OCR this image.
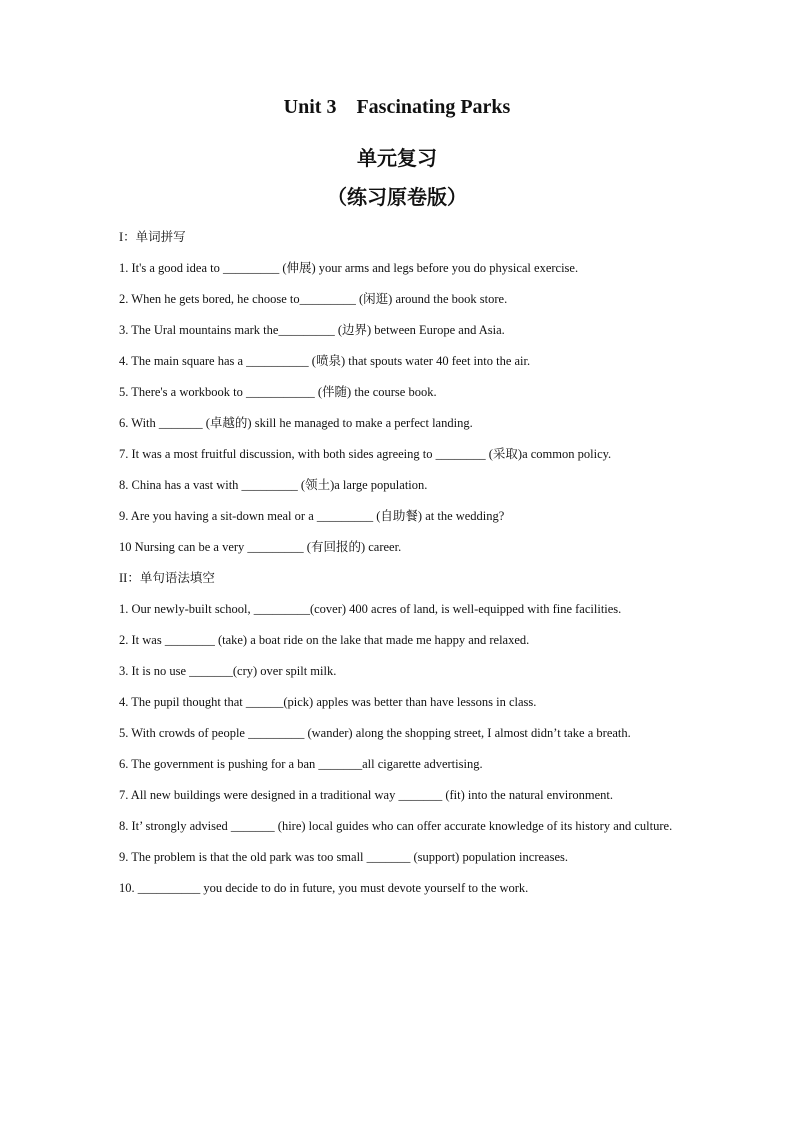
Unit 3    Fascinating Parks
单元复习
（练习原卷版）
I：单词拼写

1. It's a good idea to _________ (伸展) your arms and legs before you do physical exercise.

2. When he gets bored, he choose to_________ (闲逛) around the book store.

3. The Ural mountains mark the_________ (边界) between Europe and Asia.

4. The main square has a __________ (喷泉) that spouts water 40 feet into the air.

5. There's a workbook to ___________ (伴随) the course book.

6. With _______ (卓越的) skill he managed to make a perfect landing.

7. It was a most fruitful discussion, with both sides agreeing to ________ (采取)a common policy.

8. China has a vast with _________ (领土)a large population.

9. Are you having a sit-down meal or a _________ (自助餐) at the wedding?

10 Nursing can be a very _________ (有回报的) career.

II：单句语法填空

1. Our newly-built school, _________(cover) 400 acres of land, is well-equipped with fine facilities.

2. It was ________ (take) a boat ride on the lake that made me happy and relaxed.

3. It is no use _______(cry) over spilt milk.

4. The pupil thought that ______(pick) apples was better than have lessons in class.

5. With crowds of people _________ (wander) along the shopping street, I almost didn’t take a breath.

6. The government is pushing for a ban _______all cigarette advertising.

7. All new buildings were designed in a traditional way _______ (fit) into the natural environment.

8. It’ strongly advised _______ (hire) local guides who can offer accurate knowledge of its history and culture.

9. The problem is that the old park was too small _______ (support) population increases.

10. __________ you decide to do in future, you must devote yourself to the work.
